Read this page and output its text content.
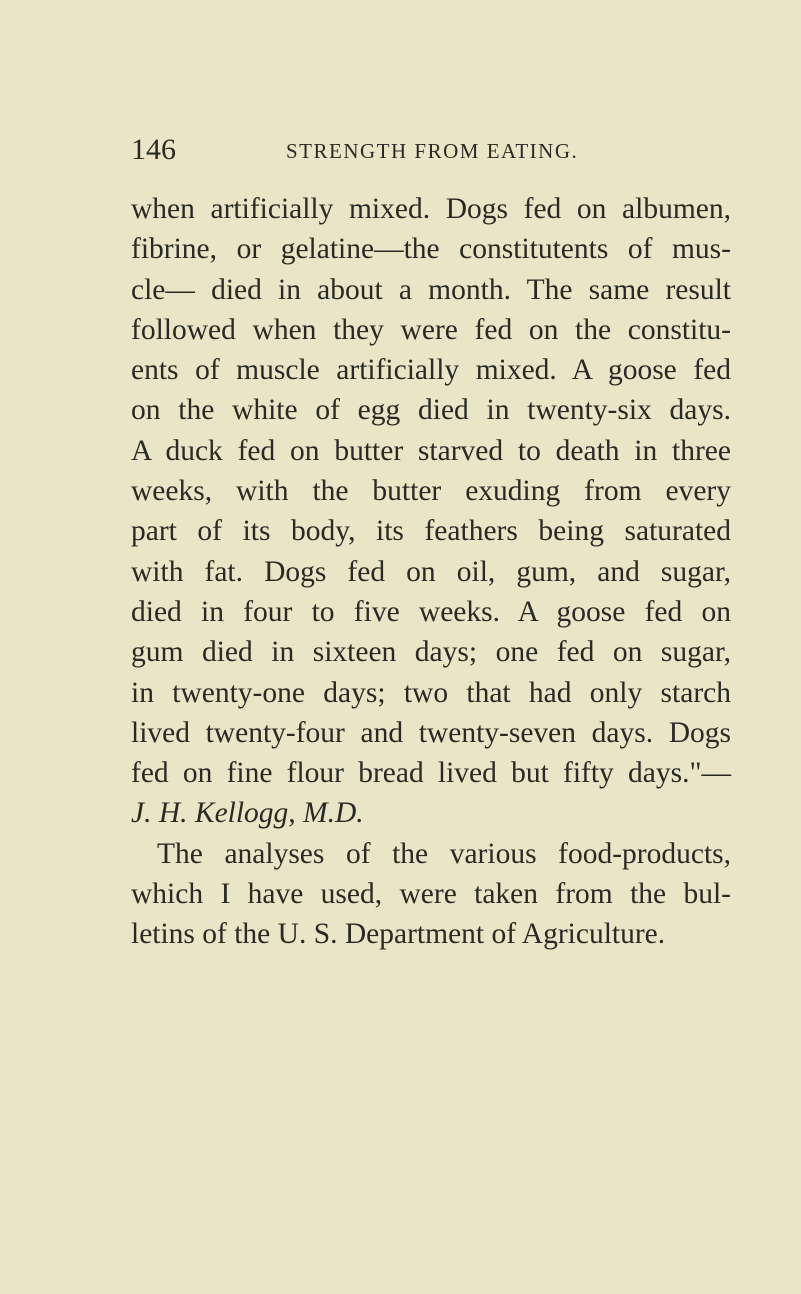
146	STRENGTH FROM EATING.
when artificially mixed. Dogs fed on albumen,
fibrine, or gelatine—the constitutents of mus-
cle— died in about a month. The same result
followed when they were fed on the constitu-
ents of muscle artificially mixed. A goose fed
on the white of egg died in twenty-six days.
A duck fed on butter starved to death in three
weeks, with the butter exuding from every
part of its body, its feathers being saturated
with fat. Dogs fed on oil, gum, and sugar,
died in four to five weeks. A goose fed on
gum died in sixteen days; one fed on sugar,
in twenty-one days; two that had only starch
lived twenty-four and twenty-seven days. Dogs
fed on fine flour bread lived but fifty days."—
J. H. Kellogg, M.D.
The analyses of the various food-products,
which I have used, were taken from the bul-
letins of the U. S. Department of Agriculture.
